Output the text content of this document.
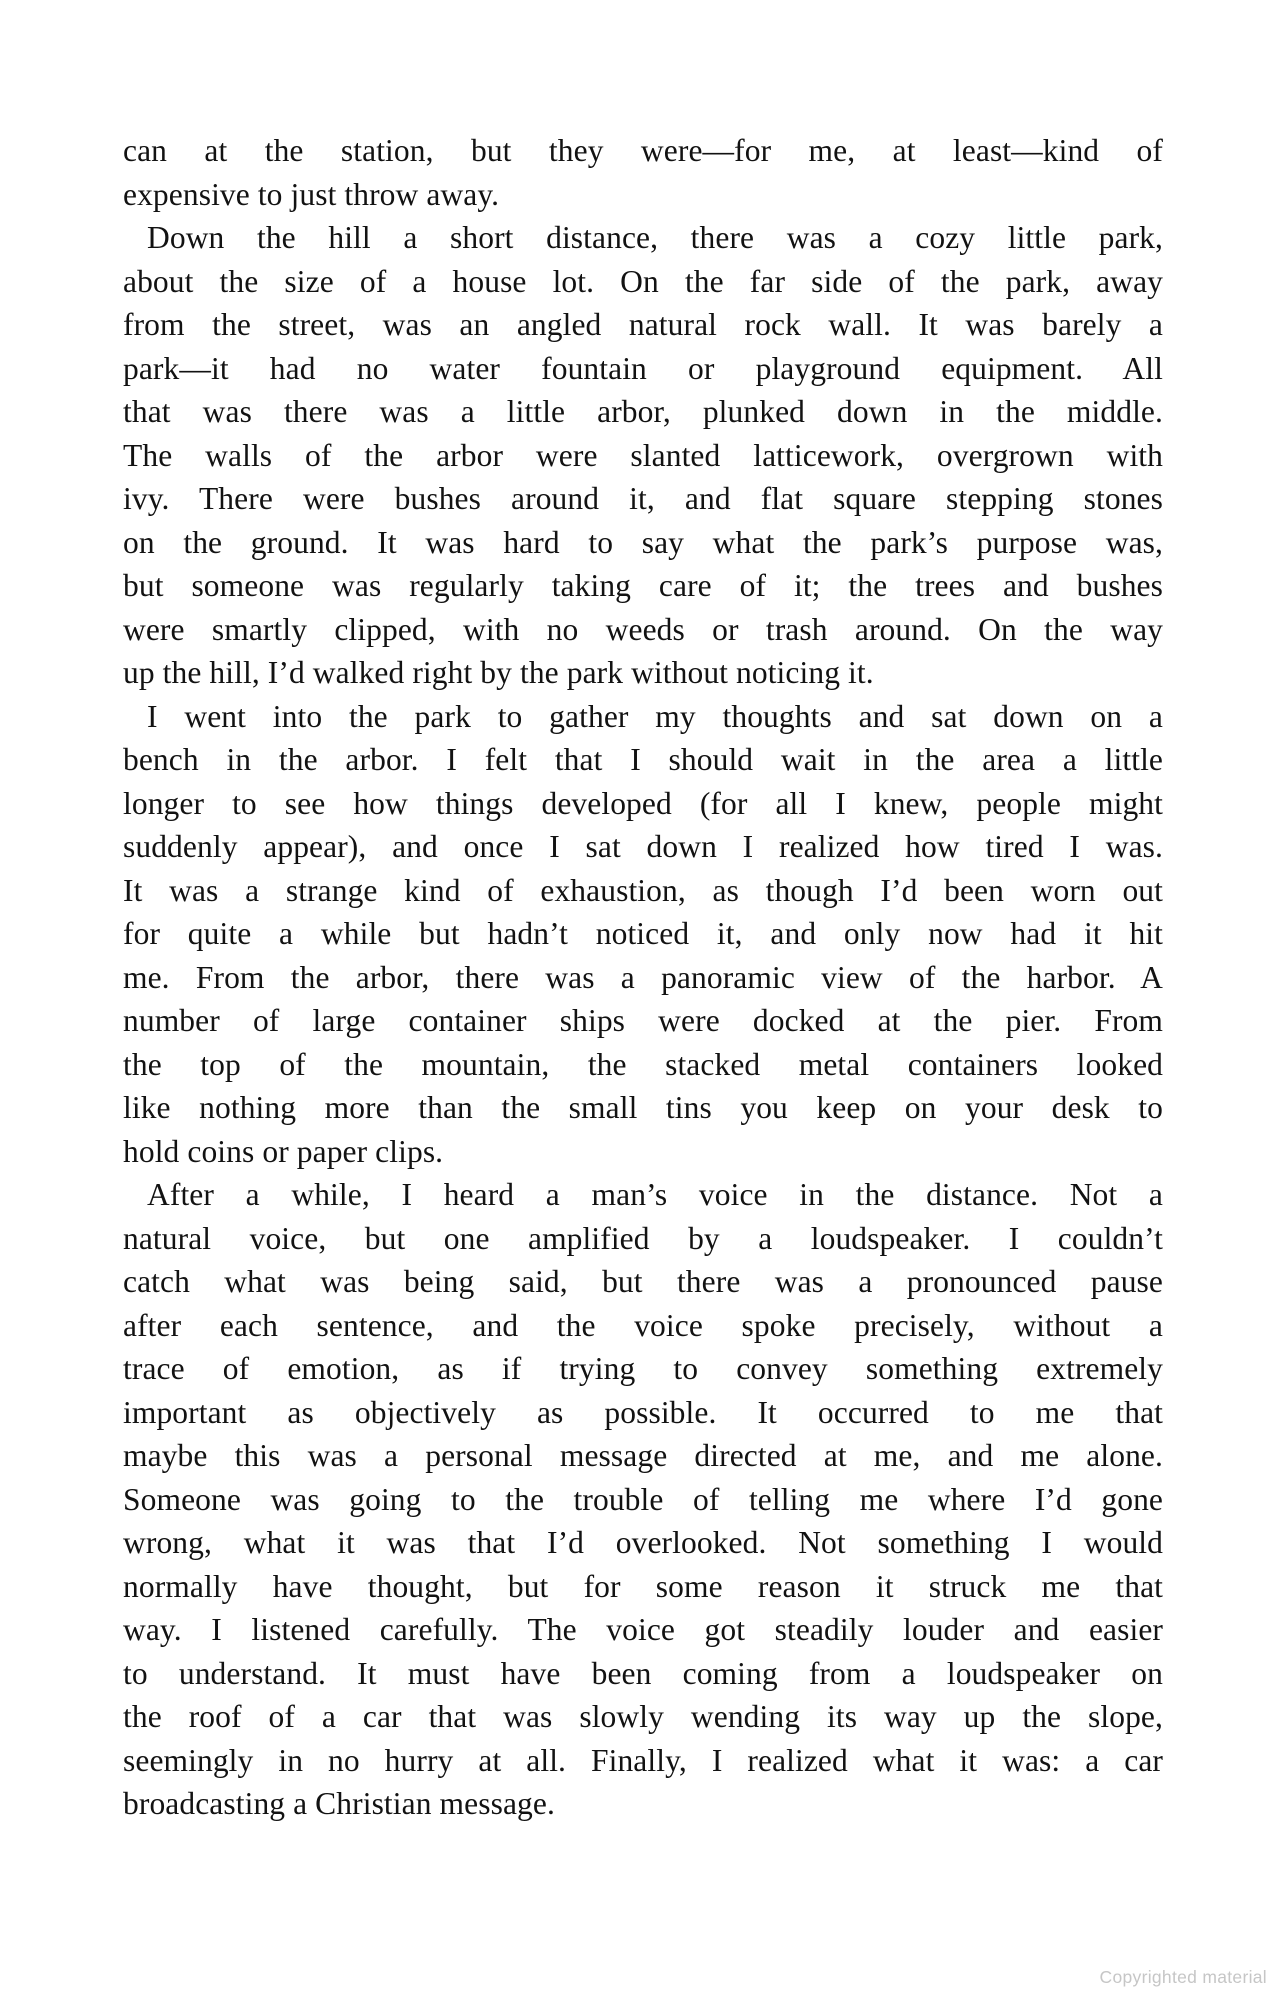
can at the station, but they were—for me, at least—kind of
expensive to just throw away.
Down the hill a short distance, there was a cozy little park,
about the size of a house lot. On the far side of the park, away
from the street, was an angled natural rock wall. It was barely a
park—it had no water fountain or playground equipment. All
that was there was a little arbor, plunked down in the middle.
The walls of the arbor were slanted latticework, overgrown with
ivy. There were bushes around it, and flat square stepping stones
on the ground. It was hard to say what the park’s purpose was,
but someone was regularly taking care of it; the trees and bushes
were smartly clipped, with no weeds or trash around. On the way
up the hill, I’d walked right by the park without noticing it.
I went into the park to gather my thoughts and sat down on a
bench in the arbor. I felt that I should wait in the area a little
longer to see how things developed (for all I knew, people might
suddenly appear), and once I sat down I realized how tired I was.
It was a strange kind of exhaustion, as though I’d been worn out
for quite a while but hadn’t noticed it, and only now had it hit
me. From the arbor, there was a panoramic view of the harbor. A
number of large container ships were docked at the pier. From
the top of the mountain, the stacked metal containers looked
like nothing more than the small tins you keep on your desk to
hold coins or paper clips.
After a while, I heard a man’s voice in the distance. Not a
natural voice, but one amplified by a loudspeaker. I couldn’t
catch what was being said, but there was a pronounced pause
after each sentence, and the voice spoke precisely, without a
trace of emotion, as if trying to convey something extremely
important as objectively as possible. It occurred to me that
maybe this was a personal message directed at me, and me alone.
Someone was going to the trouble of telling me where I’d gone
wrong, what it was that I’d overlooked. Not something I would
normally have thought, but for some reason it struck me that
way. I listened carefully. The voice got steadily louder and easier
to understand. It must have been coming from a loudspeaker on
the roof of a car that was slowly wending its way up the slope,
seemingly in no hurry at all. Finally, I realized what it was: a car
broadcasting a Christian message.
Copyrighted material
